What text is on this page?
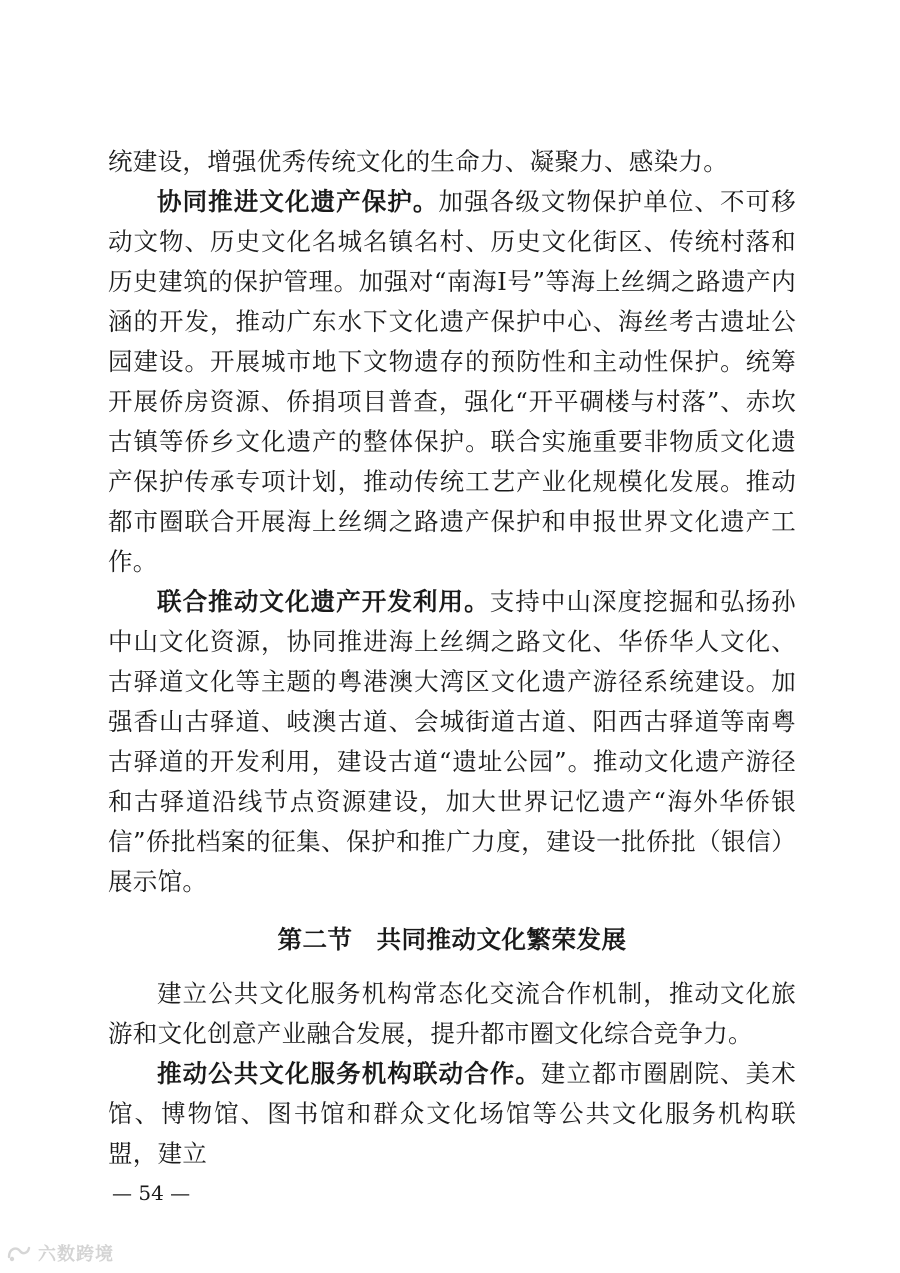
统建设，增强优秀传统文化的生命力、凝聚力、感染力。

协同推进文化遗产保护。加强各级文物保护单位、不可移动文物、历史文化名城名镇名村、历史文化街区、传统村落和历史建筑的保护管理。加强对“南海Ⅰ号”等海上丝绸之路遗产内涵的开发，推动广东水下文化遗产保护中心、海丝考古遗址公园建设。开展城市地下文物遗存的预防性和主动性保护。统筹开展侨房资源、侨捐项目普查，强化“开平碉楼与村落”、赤坎古镇等侨乡文化遗产的整体保护。联合实施重要非物质文化遗产保护传承专项计划，推动传统工艺产业化规模化发展。推动都市圈联合开展海上丝绸之路遗产保护和申报世界文化遗产工作。

联合推动文化遗产开发利用。支持中山深度挖掘和弘扬孙中山文化资源，协同推进海上丝绸之路文化、华侨华人文化、古驿道文化等主题的粤港澳大湾区文化遗产游径系统建设。加强香山古驿道、岐澳古道、会城街道古道、阳西古驿道等南粤古驿道的开发利用，建设古道“遗址公园”。推动文化遗产游径和古驿道沿线节点资源建设，加大世界记忆遗产“海外华侨银信”侨批档案的征集、保护和推广力度，建设一批侨批（银信）展示馆。

第二节 共同推动文化繁荣发展

建立公共文化服务机构常态化交流合作机制，推动文化旅游和文化创意产业融合发展，提升都市圈文化综合竞争力。

推动公共文化服务机构联动合作。建立都市圈剧院、美术馆、博物馆、图书馆和群众文化场馆等公共文化服务机构联盟，建立

— 54 —
六数跨境
